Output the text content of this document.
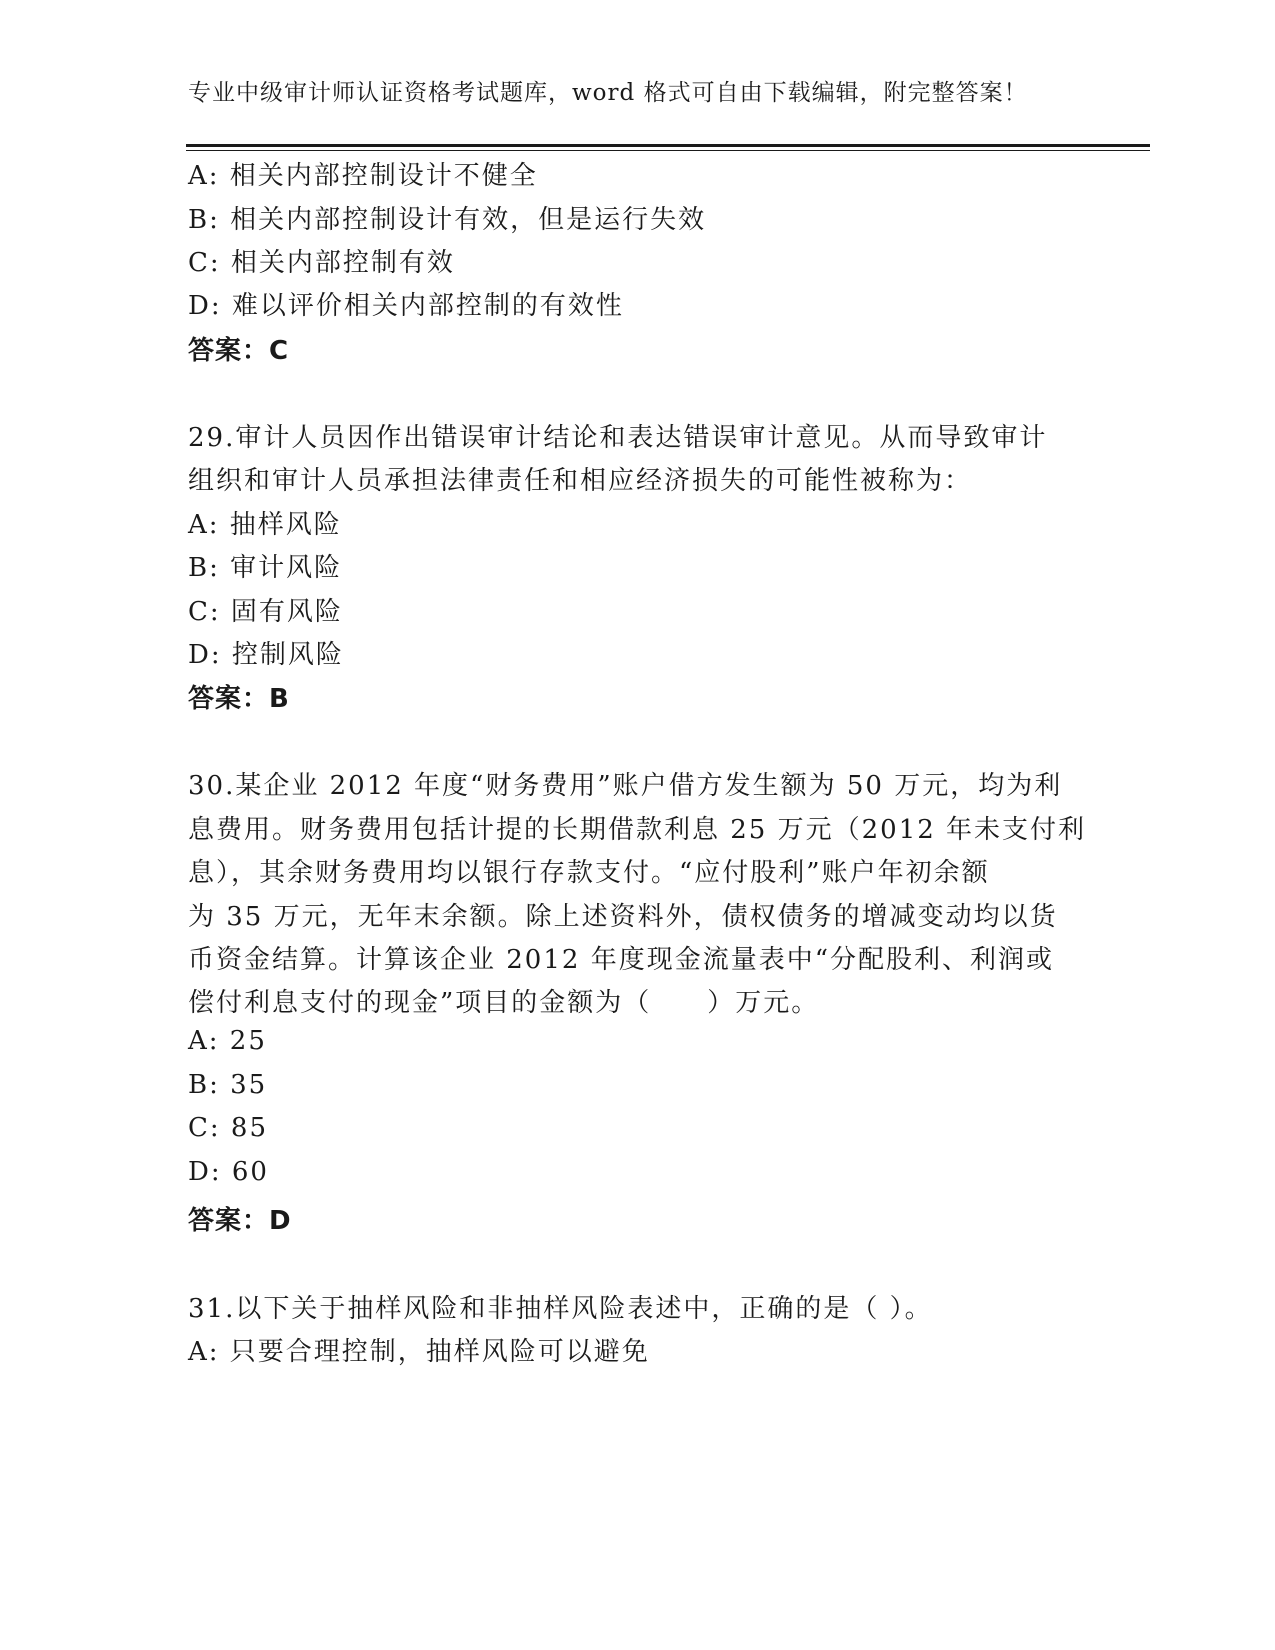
专业中级审计师认证资格考试题库，word 格式可自由下载编辑，附完整答案！
A: 相关内部控制设计不健全
B: 相关内部控制设计有效，但是运行失效
C: 相关内部控制有效
D: 难以评价相关内部控制的有效性
答案：C
29.审计人员因作出错误审计结论和表达错误审计意见。从而导致审计
组织和审计人员承担法律责任和相应经济损失的可能性被称为：
A: 抽样风险
B: 审计风险
C: 固有风险
D: 控制风险
答案：B
30.某企业 2012 年度“财务费用”账户借方发生额为 50 万元，均为利
息费用。财务费用包括计提的长期借款利息 25 万元（2012 年未支付利
息），其余财务费用均以银行存款支付。“应付股利”账户年初余额
为 35 万元，无年末余额。除上述资料外，债权债务的增减变动均以货
币资金结算。计算该企业 2012 年度现金流量表中“分配股利、利润或
偿付利息支付的现金”项目的金额为（　　）万元。
A: 25
B: 35
C: 85
D: 60
答案：D
31.以下关于抽样风险和非抽样风险表述中，正确的是（ ）。
A: 只要合理控制，抽样风险可以避免
